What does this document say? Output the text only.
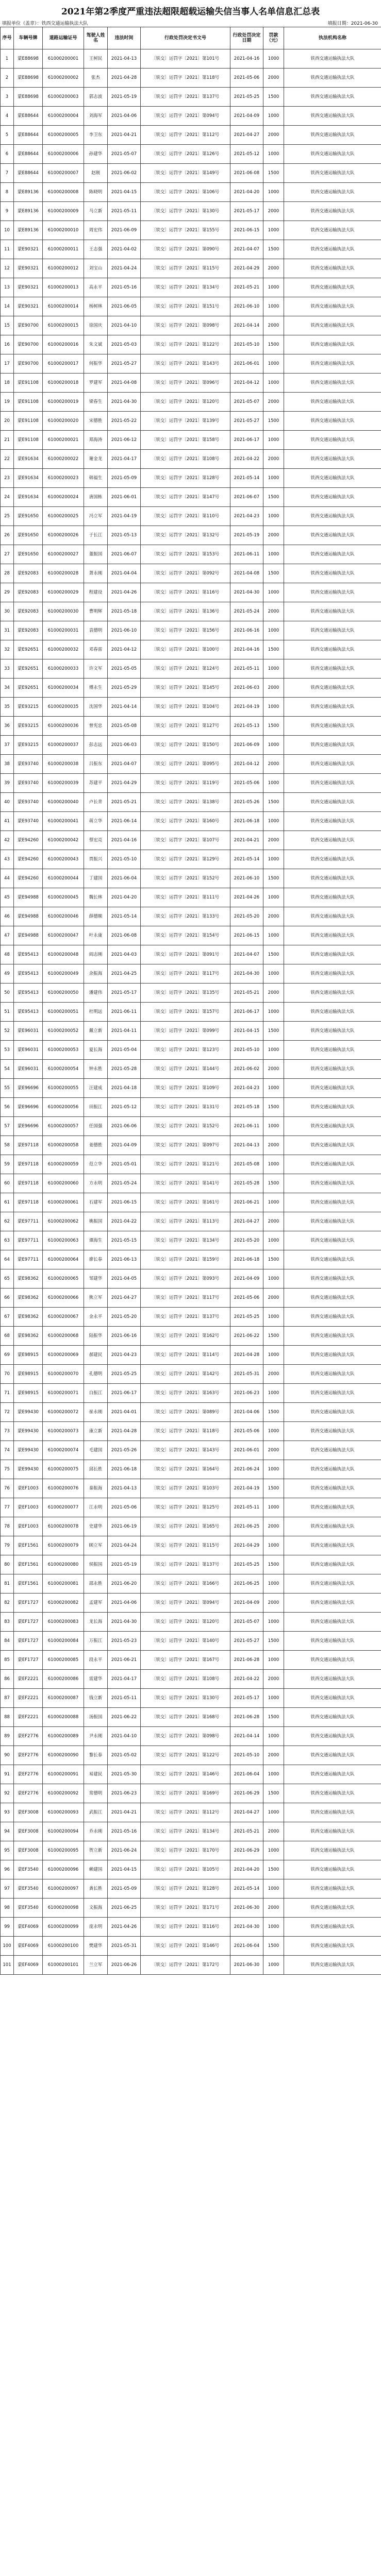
2021年第2季度严重违法超限超载运输失信当事人名单信息汇总表
填报单位（盖章）：铁西交通运输执法大队	填报日期：2021-06-30
序号	车辆号牌	道路运输证号	驾驶人姓名	违法时间	行政处罚决定书文号	行政处罚决定日期	罚款（元）	执法机构名称
1	蒙E88698	61000200001	王树民	2021-04-13	〔铁交〕运罚字〔2021〕第101号	2021-04-16	1000	铁西交通运输执法大队
2	蒙E88698	61000200002	张杰	2021-04-28	〔铁交〕运罚字〔2021〕第118号	2021-05-06	2000	铁西交通运输执法大队
3	蒙E88698	61000200003	郭志波	2021-05-19	〔铁交〕运罚字〔2021〕第137号	2021-05-25	1500	铁西交通运输执法大队
4	蒙E88644	61000200004	刘海军	2021-04-06	〔铁交〕运罚字〔2021〕第094号	2021-04-09	1000	铁西交通运输执法大队
5	蒙E88644	61000200005	李卫东	2021-04-21	〔铁交〕运罚字〔2021〕第112号	2021-04-27	2000	铁西交通运输执法大队
6	蒙E88644	61000200006	孙建华	2021-05-07	〔铁交〕运罚字〔2021〕第126号	2021-05-12	1000	铁西交通运输执法大队
7	蒙E88644	61000200007	赵刚	2021-06-02	〔铁交〕运罚字〔2021〕第149号	2021-06-08	1500	铁西交通运输执法大队
8	蒙E89136	61000200008	陈晓明	2021-04-15	〔铁交〕运罚字〔2021〕第106号	2021-04-20	1000	铁西交通运输执法大队
9	蒙E89136	61000200009	马立新	2021-05-11	〔铁交〕运罚字〔2021〕第130号	2021-05-17	2000	铁西交通运输执法大队
10	蒙E89136	61000200010	周宏伟	2021-06-09	〔铁交〕运罚字〔2021〕第155号	2021-06-15	1000	铁西交通运输执法大队
11	蒙E90321	61000200011	王志强	2021-04-02	〔铁交〕运罚字〔2021〕第090号	2021-04-07	1500	铁西交通运输执法大队
12	蒙E90321	61000200012	刘宝山	2021-04-24	〔铁交〕运罚字〔2021〕第115号	2021-04-29	2000	铁西交通运输执法大队
13	蒙E90321	61000200013	高永平	2021-05-16	〔铁交〕运罚字〔2021〕第134号	2021-05-21	1000	铁西交通运输执法大队
14	蒙E90321	61000200014	杨树林	2021-06-05	〔铁交〕运罚字〔2021〕第151号	2021-06-10	1000	铁西交通运输执法大队
15	蒙E90700	61000200015	徐国庆	2021-04-10	〔铁交〕运罚字〔2021〕第098号	2021-04-14	2000	铁西交通运输执法大队
16	蒙E90700	61000200016	朱文斌	2021-05-03	〔铁交〕运罚字〔2021〕第122号	2021-05-10	1500	铁西交通运输执法大队
17	蒙E90700	61000200017	何振华	2021-05-27	〔铁交〕运罚字〔2021〕第143号	2021-06-01	1000	铁西交通运输执法大队
18	蒙E91108	61000200018	罗建军	2021-04-08	〔铁交〕运罚字〔2021〕第096号	2021-04-12	1000	铁西交通运输执法大队
19	蒙E91108	61000200019	梁春生	2021-04-30	〔铁交〕运罚字〔2021〕第120号	2021-05-07	2000	铁西交通运输执法大队
20	蒙E91108	61000200020	宋德胜	2021-05-22	〔铁交〕运罚字〔2021〕第139号	2021-05-27	1500	铁西交通运输执法大队
21	蒙E91108	61000200021	郑海涛	2021-06-12	〔铁交〕运罚字〔2021〕第158号	2021-06-17	1000	铁西交通运输执法大队
22	蒙E91634	61000200022	谢金龙	2021-04-17	〔铁交〕运罚字〔2021〕第108号	2021-04-22	2000	铁西交通运输执法大队
23	蒙E91634	61000200023	韩福生	2021-05-09	〔铁交〕运罚字〔2021〕第128号	2021-05-14	1000	铁西交通运输执法大队
24	蒙E91634	61000200024	唐国栋	2021-06-01	〔铁交〕运罚字〔2021〕第147号	2021-06-07	1500	铁西交通运输执法大队
25	蒙E91650	61000200025	冯立军	2021-04-19	〔铁交〕运罚字〔2021〕第110号	2021-04-23	1000	铁西交通运输执法大队
26	蒙E91650	61000200026	于长江	2021-05-13	〔铁交〕运罚字〔2021〕第132号	2021-05-19	2000	铁西交通运输执法大队
27	蒙E91650	61000200027	董振国	2021-06-07	〔铁交〕运罚字〔2021〕第153号	2021-06-11	1000	铁西交通运输执法大队
28	蒙E92083	61000200028	萧永刚	2021-04-04	〔铁交〕运罚字〔2021〕第092号	2021-04-08	1500	铁西交通运输执法大队
29	蒙E92083	61000200029	程建设	2021-04-26	〔铁交〕运罚字〔2021〕第116号	2021-04-30	1000	铁西交通运输执法大队
30	蒙E92083	61000200030	曹明辉	2021-05-18	〔铁交〕运罚字〔2021〕第136号	2021-05-24	2000	铁西交通运输执法大队
31	蒙E92083	61000200031	袁德明	2021-06-10	〔铁交〕运罚字〔2021〕第156号	2021-06-16	1000	铁西交通运输执法大队
32	蒙E92651	61000200032	邓春雷	2021-04-12	〔铁交〕运罚字〔2021〕第100号	2021-04-16	1500	铁西交通运输执法大队
33	蒙E92651	61000200033	许文军	2021-05-05	〔铁交〕运罚字〔2021〕第124号	2021-05-11	1000	铁西交通运输执法大队
34	蒙E92651	61000200034	傅永生	2021-05-29	〔铁交〕运罚字〔2021〕第145号	2021-06-03	2000	铁西交通运输执法大队
35	蒙E93215	61000200035	沈国华	2021-04-14	〔铁交〕运罚字〔2021〕第104号	2021-04-19	1000	铁西交通运输执法大队
36	蒙E93215	61000200036	曾宪忠	2021-05-08	〔铁交〕运罚字〔2021〕第127号	2021-05-13	1500	铁西交通运输执法大队
37	蒙E93215	61000200037	彭志远	2021-06-03	〔铁交〕运罚字〔2021〕第150号	2021-06-09	1000	铁西交通运输执法大队
38	蒙E93740	61000200038	吕振东	2021-04-07	〔铁交〕运罚字〔2021〕第095号	2021-04-12	2000	铁西交通运输执法大队
39	蒙E93740	61000200039	苏建平	2021-04-29	〔铁交〕运罚字〔2021〕第119号	2021-05-06	1000	铁西交通运输执法大队
40	蒙E93740	61000200040	卢长青	2021-05-21	〔铁交〕运罚字〔2021〕第138号	2021-05-26	1500	铁西交通运输执法大队
41	蒙E93740	61000200041	蒋立华	2021-06-14	〔铁交〕运罚字〔2021〕第160号	2021-06-18	1000	铁西交通运输执法大队
42	蒙E94260	61000200042	蔡宏亮	2021-04-16	〔铁交〕运罚字〔2021〕第107号	2021-04-21	2000	铁西交通运输执法大队
43	蒙E94260	61000200043	贾振兴	2021-05-10	〔铁交〕运罚字〔2021〕第129号	2021-05-14	1000	铁西交通运输执法大队
44	蒙E94260	61000200044	丁建国	2021-06-04	〔铁交〕运罚字〔2021〕第152号	2021-06-10	1500	铁西交通运输执法大队
45	蒙E94988	61000200045	魏长林	2021-04-20	〔铁交〕运罚字〔2021〕第111号	2021-04-26	1000	铁西交通运输执法大队
46	蒙E94988	61000200046	薛德顺	2021-05-14	〔铁交〕运罚字〔2021〕第133号	2021-05-20	2000	铁西交通运输执法大队
47	蒙E94988	61000200047	叶永康	2021-06-08	〔铁交〕运罚字〔2021〕第154号	2021-06-15	1000	铁西交通运输执法大队
48	蒙E95413	61000200048	阎志刚	2021-04-03	〔铁交〕运罚字〔2021〕第091号	2021-04-07	1500	铁西交通运输执法大队
49	蒙E95413	61000200049	余振海	2021-04-25	〔铁交〕运罚字〔2021〕第117号	2021-04-30	1000	铁西交通运输执法大队
50	蒙E95413	61000200050	潘建伟	2021-05-17	〔铁交〕运罚字〔2021〕第135号	2021-05-21	2000	铁西交通运输执法大队
51	蒙E95413	61000200051	杜明远	2021-06-11	〔铁交〕运罚字〔2021〕第157号	2021-06-17	1000	铁西交通运输执法大队
52	蒙E96031	61000200052	戴立新	2021-04-11	〔铁交〕运罚字〔2021〕第099号	2021-04-15	1500	铁西交通运输执法大队
53	蒙E96031	61000200053	夏长海	2021-05-04	〔铁交〕运罚字〔2021〕第123号	2021-05-10	1000	铁西交通运输执法大队
54	蒙E96031	61000200054	钟永胜	2021-05-28	〔铁交〕运罚字〔2021〕第144号	2021-06-02	2000	铁西交通运输执法大队
55	蒙E96696	61000200055	汪建成	2021-04-18	〔铁交〕运罚字〔2021〕第109号	2021-04-23	1000	铁西交通运输执法大队
56	蒙E96696	61000200056	田振江	2021-05-12	〔铁交〕运罚字〔2021〕第131号	2021-05-18	1500	铁西交通运输执法大队
57	蒙E96696	61000200057	任国强	2021-06-06	〔铁交〕运罚字〔2021〕第152号	2021-06-11	1000	铁西交通运输执法大队
58	蒙E97118	61000200058	姜德胜	2021-04-09	〔铁交〕运罚字〔2021〕第097号	2021-04-13	2000	铁西交通运输执法大队
59	蒙E97118	61000200059	范立华	2021-05-01	〔铁交〕运罚字〔2021〕第121号	2021-05-08	1000	铁西交通运输执法大队
60	蒙E97118	61000200060	方永明	2021-05-24	〔铁交〕运罚字〔2021〕第141号	2021-05-28	1500	铁西交通运输执法大队
61	蒙E97118	61000200061	石建军	2021-06-15	〔铁交〕运罚字〔2021〕第161号	2021-06-21	1000	铁西交通运输执法大队
62	蒙E97711	61000200062	姚振国	2021-04-22	〔铁交〕运罚字〔2021〕第113号	2021-04-27	2000	铁西交通运输执法大队
63	蒙E97711	61000200063	谭海生	2021-05-15	〔铁交〕运罚字〔2021〕第134号	2021-05-20	1000	铁西交通运输执法大队
64	蒙E97711	61000200064	廖长春	2021-06-13	〔铁交〕运罚字〔2021〕第159号	2021-06-18	1500	铁西交通运输执法大队
65	蒙E98362	61000200065	邹建华	2021-04-05	〔铁交〕运罚字〔2021〕第093号	2021-04-09	1000	铁西交通运输执法大队
66	蒙E98362	61000200066	熊立军	2021-04-27	〔铁交〕运罚字〔2021〕第117号	2021-05-06	2000	铁西交通运输执法大队
67	蒙E98362	61000200067	金永平	2021-05-20	〔铁交〕运罚字〔2021〕第137号	2021-05-25	1000	铁西交通运输执法大队
68	蒙E98362	61000200068	陆振华	2021-06-16	〔铁交〕运罚字〔2021〕第162号	2021-06-22	1500	铁西交通运输执法大队
69	蒙E98915	61000200069	郝建民	2021-04-23	〔铁交〕运罚字〔2021〕第114号	2021-04-28	1000	铁西交通运输执法大队
70	蒙E98915	61000200070	孔德明	2021-05-25	〔铁交〕运罚字〔2021〕第142号	2021-05-31	2000	铁西交通运输执法大队
71	蒙E98915	61000200071	白振江	2021-06-17	〔铁交〕运罚字〔2021〕第163号	2021-06-23	1000	铁西交通运输执法大队
72	蒙E99430	61000200072	崔永刚	2021-04-01	〔铁交〕运罚字〔2021〕第089号	2021-04-06	1500	铁西交通运输执法大队
73	蒙E99430	61000200073	康立新	2021-04-28	〔铁交〕运罚字〔2021〕第118号	2021-05-06	1000	铁西交通运输执法大队
74	蒙E99430	61000200074	毛建国	2021-05-26	〔铁交〕运罚字〔2021〕第143号	2021-06-01	2000	铁西交通运输执法大队
75	蒙E99430	61000200075	邱长胜	2021-06-18	〔铁交〕运罚字〔2021〕第164号	2021-06-24	1000	铁西交通运输执法大队
76	蒙EF1003	61000200076	秦振海	2021-04-13	〔铁交〕运罚字〔2021〕第103号	2021-04-19	1500	铁西交通运输执法大队
77	蒙EF1003	61000200077	江永明	2021-05-06	〔铁交〕运罚字〔2021〕第125号	2021-05-11	1000	铁西交通运输执法大队
78	蒙EF1003	61000200078	史建华	2021-06-19	〔铁交〕运罚字〔2021〕第165号	2021-06-25	2000	铁西交通运输执法大队
79	蒙EF1561	61000200079	顾立军	2021-04-24	〔铁交〕运罚字〔2021〕第115号	2021-04-29	1000	铁西交通运输执法大队
80	蒙EF1561	61000200080	侯振国	2021-05-19	〔铁交〕运罚字〔2021〕第137号	2021-05-25	1500	铁西交通运输执法大队
81	蒙EF1561	61000200081	邵永胜	2021-06-20	〔铁交〕运罚字〔2021〕第166号	2021-06-25	1000	铁西交通运输执法大队
82	蒙EF1727	61000200082	孟建军	2021-04-06	〔铁交〕运罚字〔2021〕第094号	2021-04-09	2000	铁西交通运输执法大队
83	蒙EF1727	61000200083	龙长海	2021-04-30	〔铁交〕运罚字〔2021〕第120号	2021-05-07	1000	铁西交通运输执法大队
84	蒙EF1727	61000200084	万振江	2021-05-23	〔铁交〕运罚字〔2021〕第140号	2021-05-27	1500	铁西交通运输执法大队
85	蒙EF1727	61000200085	段永平	2021-06-21	〔铁交〕运罚字〔2021〕第167号	2021-06-28	1000	铁西交通运输执法大队
86	蒙EF2221	61000200086	雷建华	2021-04-17	〔铁交〕运罚字〔2021〕第108号	2021-04-22	2000	铁西交通运输执法大队
87	蒙EF2221	61000200087	钱立新	2021-05-11	〔铁交〕运罚字〔2021〕第130号	2021-05-17	1000	铁西交通运输执法大队
88	蒙EF2221	61000200088	汤振国	2021-06-22	〔铁交〕运罚字〔2021〕第168号	2021-06-28	1500	铁西交通运输执法大队
89	蒙EF2776	61000200089	尹永刚	2021-04-10	〔铁交〕运罚字〔2021〕第098号	2021-04-14	1000	铁西交通运输执法大队
90	蒙EF2776	61000200090	黎长春	2021-05-02	〔铁交〕运罚字〔2021〕第122号	2021-05-10	2000	铁西交通运输执法大队
91	蒙EF2776	61000200091	易建民	2021-05-30	〔铁交〕运罚字〔2021〕第146号	2021-06-04	1000	铁西交通运输执法大队
92	蒙EF2776	61000200092	常德明	2021-06-23	〔铁交〕运罚字〔2021〕第169号	2021-06-29	1500	铁西交通运输执法大队
93	蒙EF3008	61000200093	武振江	2021-04-21	〔铁交〕运罚字〔2021〕第112号	2021-04-27	1000	铁西交通运输执法大队
94	蒙EF3008	61000200094	乔永刚	2021-05-16	〔铁交〕运罚字〔2021〕第134号	2021-05-21	2000	铁西交通运输执法大队
95	蒙EF3008	61000200095	贺立新	2021-06-24	〔铁交〕运罚字〔2021〕第170号	2021-06-29	1000	铁西交通运输执法大队
96	蒙EF3540	61000200096	赖建国	2021-04-15	〔铁交〕运罚字〔2021〕第105号	2021-04-20	1500	铁西交通运输执法大队
97	蒙EF3540	61000200097	龚长胜	2021-05-09	〔铁交〕运罚字〔2021〕第128号	2021-05-14	1000	铁西交通运输执法大队
98	蒙EF3540	61000200098	文振海	2021-06-25	〔铁交〕运罚字〔2021〕第171号	2021-06-30	2000	铁西交通运输执法大队
99	蒙EF4069	61000200099	庞永明	2021-04-26	〔铁交〕运罚字〔2021〕第116号	2021-04-30	1000	铁西交通运输执法大队
100	蒙EF4069	61000200100	樊建华	2021-05-31	〔铁交〕运罚字〔2021〕第146号	2021-06-04	1500	铁西交通运输执法大队
101	蒙EF4069	61000200101	兰立军	2021-06-26	〔铁交〕运罚字〔2021〕第172号	2021-06-30	1000	铁西交通运输执法大队
